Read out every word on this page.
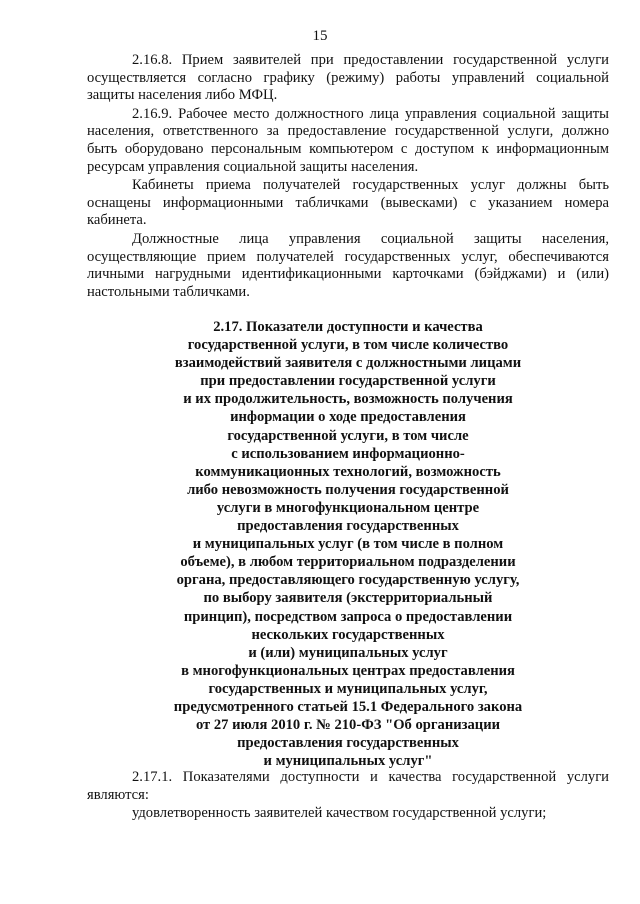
15

2.16.8. Прием заявителей при предоставлении государственной услуги осуществляется согласно графику (режиму) работы управлений социальной защиты населения либо МФЦ.

2.16.9. Рабочее место должностного лица управления социальной защиты населения, ответственного за предоставление государственной услуги, должно быть оборудовано персональным компьютером с доступом к информационным ресурсам управления социальной защиты населения.

Кабинеты приема получателей государственных услуг должны быть оснащены информационными табличками (вывесками) с указанием номера кабинета.

Должностные лица управления социальной защиты населения, осуществляющие прием получателей государственных услуг, обеспечиваются личными нагрудными идентификационными карточками (бэйджами) и (или) настольными табличками.

2.17. Показатели доступности и качества
государственной услуги, в том числе количество
взаимодействий заявителя с должностными лицами
при предоставлении государственной услуги
и их продолжительность, возможность получения
информации о ходе предоставления
государственной услуги, в том числе
с использованием информационно-
коммуникационных технологий, возможность
либо невозможность получения государственной
услуги в многофункциональном центре
предоставления государственных
и муниципальных услуг (в том числе в полном
объеме), в любом территориальном подразделении
органа, предоставляющего государственную услугу,
по выбору заявителя (экстерриториальный
принцип), посредством запроса о предоставлении
нескольких государственных
и (или) муниципальных услуг
в многофункциональных центрах предоставления
государственных и муниципальных услуг,
предусмотренного статьей 15.1 Федерального закона
от 27 июля 2010 г. № 210-ФЗ "Об организации
предоставления государственных
и муниципальных услуг"

2.17.1. Показателями доступности и качества государственной услуги являются:

удовлетворенность заявителей качеством государственной услуги;
